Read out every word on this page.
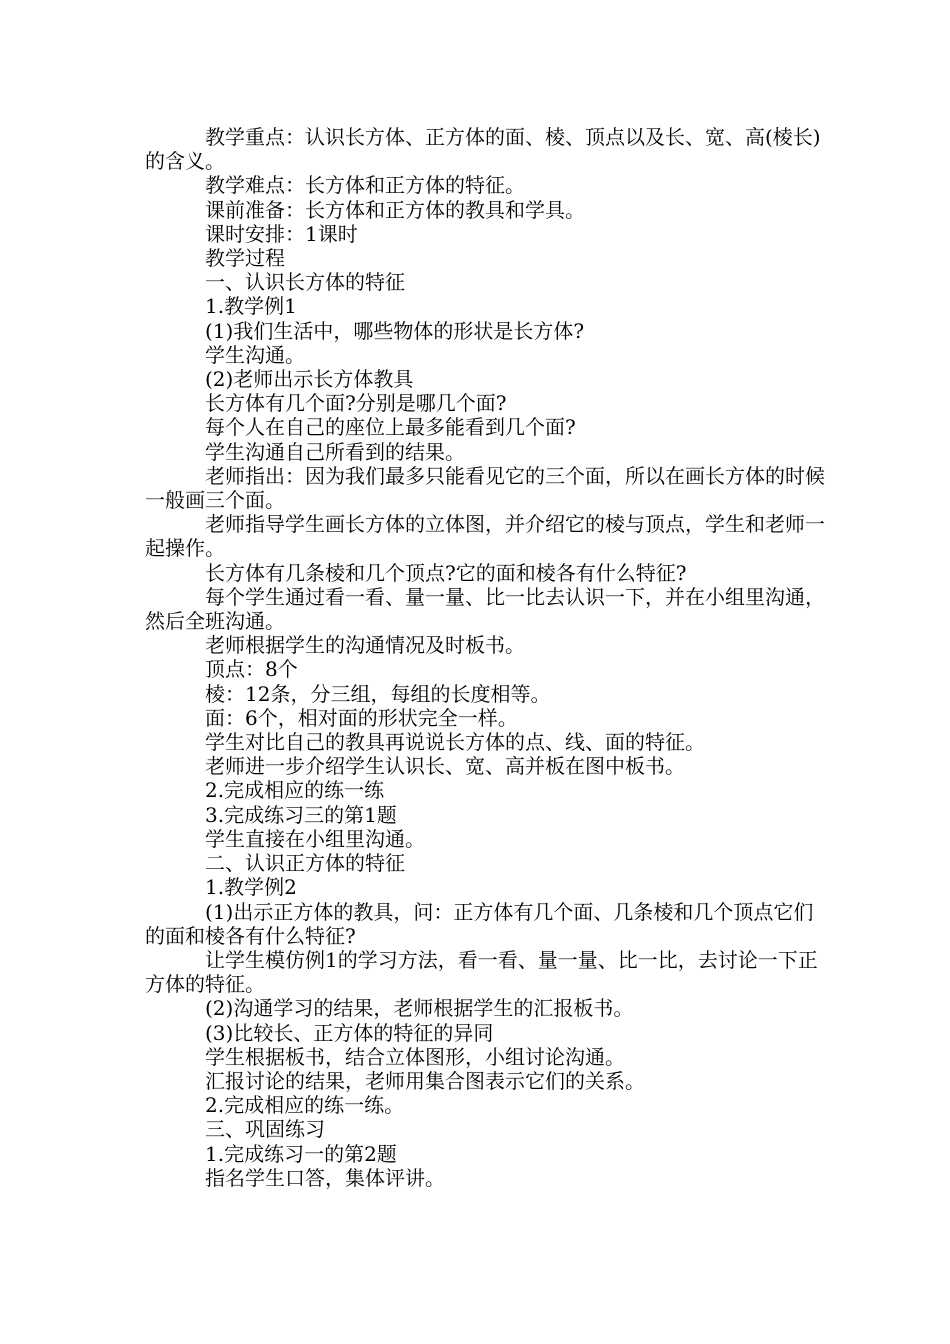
教学重点：认识长方体、正方体的面、棱、顶点以及长、宽、高(棱长)的含义。

教学难点：长方体和正方体的特征。

课前准备：长方体和正方体的教具和学具。

课时安排：1课时

教学过程

一、认识长方体的特征

1.教学例1

(1)我们生活中，哪些物体的形状是长方体?

学生沟通。

(2)老师出示长方体教具

长方体有几个面?分别是哪几个面?

每个人在自己的座位上最多能看到几个面?

学生沟通自己所看到的结果。

老师指出：因为我们最多只能看见它的三个面，所以在画长方体的时候一般画三个面。

老师指导学生画长方体的立体图，并介绍它的棱与顶点，学生和老师一起操作。

长方体有几条棱和几个顶点?它的面和棱各有什么特征?

每个学生通过看一看、量一量、比一比去认识一下，并在小组里沟通，然后全班沟通。

老师根据学生的沟通情况及时板书。

顶点：8个

棱：12条，分三组，每组的长度相等。

面：6个，相对面的形状完全一样。

学生对比自己的教具再说说长方体的点、线、面的特征。

老师进一步介绍学生认识长、宽、高并板在图中板书。

2.完成相应的练一练

3.完成练习三的第1题

学生直接在小组里沟通。

二、认识正方体的特征

1.教学例2

(1)出示正方体的教具，问：正方体有几个面、几条棱和几个顶点它们的面和棱各有什么特征?

让学生模仿例1的学习方法，看一看、量一量、比一比，去讨论一下正方体的特征。

(2)沟通学习的结果，老师根据学生的汇报板书。

(3)比较长、正方体的特征的异同

学生根据板书，结合立体图形，小组讨论沟通。

汇报讨论的结果，老师用集合图表示它们的关系。

2.完成相应的练一练。

三、巩固练习

1.完成练习一的第2题

指名学生口答，集体评讲。
